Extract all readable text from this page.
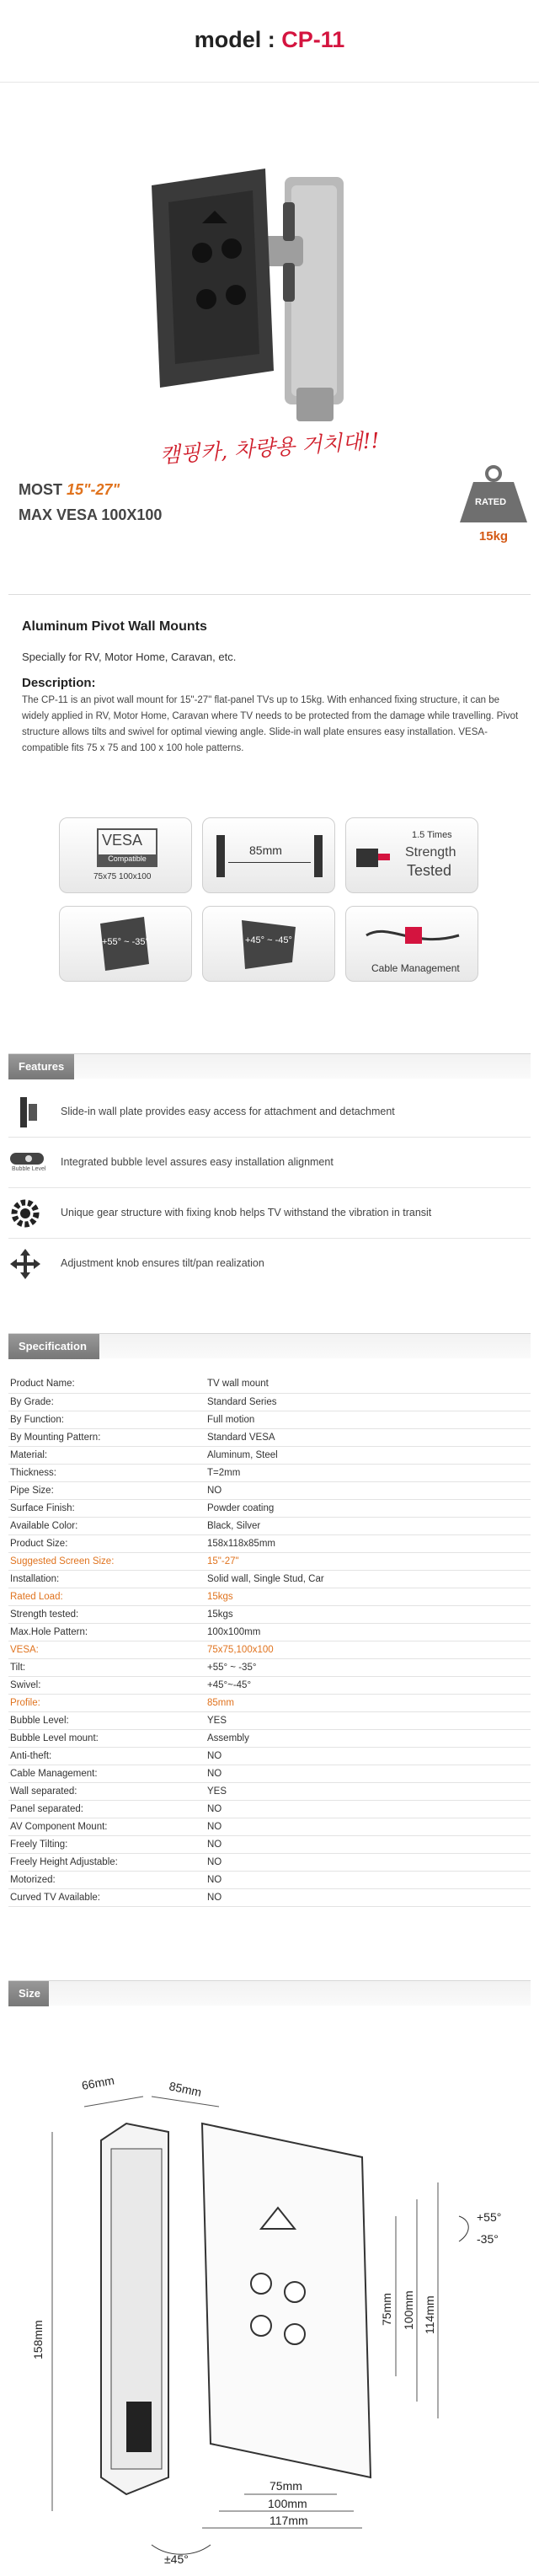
model : CP-11
캠핑카, 차량용 거치대!!
MOST 15"-27"
MAX VESA 100X100
RATED
15kg
Aluminum Pivot Wall Mounts
Specially for RV, Motor Home, Caravan, etc.
Description:
The CP-11 is an pivot wall mount for 15"-27" flat-panel TVs up to 15kg. With enhanced fixing structure, it can be widely applied in RV, Motor Home, Caravan where TV needs to be protected from the damage while travelling. Pivot structure allows tilts and swivel for optimal viewing angle. Slide-in wall plate ensures easy installation. VESA-compatible fits 75 x 75 and 100 x 100 hole patterns.
VESA
Compatible
75x75 100x100
85mm
1.5 Times
Strength
Tested
+55° ~ -35°	+45° ~ -45°
Cable Management
Features
Slide-in wall plate provides easy access for attachment and detachment
Bubble Level
Integrated bubble level assures easy installation alignment
Unique gear structure with fixing knob helps TV withstand the vibration in transit
Adjustment knob ensures tilt/pan realization
Specification
Product Name:	TV wall mount
By Grade:	Standard Series
By Function:	Full motion
By Mounting Pattern:	Standard VESA
Material:	Aluminum, Steel
Thickness:	T=2mm
Pipe Size:	NO
Surface Finish:	Powder coating
Available Color:	Black, Silver
Product Size:	158x118x85mm
Suggested Screen Size:	15"-27"
Installation:	Solid wall, Single Stud, Car
Rated Load:	15kgs
Strength tested:	15kgs
Max.Hole Pattern:	100x100mm
VESA:	75x75,100x100
Tilt:	+55° ~ -35°
Swivel:	+45°~-45°
Profile:	85mm
Bubble Level:	YES
Bubble Level mount:	Assembly
Anti-theft:	NO
Cable Management:	NO
Wall separated:	YES
Panel separated:	NO
AV Component Mount:	NO
Freely Tilting:	NO
Freely Height Adjustable:	NO
Motorized:	NO
Curved TV Available:	NO
Size
66mm	85mm
158mm
75mm
100mm
117mm
75mm 100mm 114mm
+55°
-35°
±45°
